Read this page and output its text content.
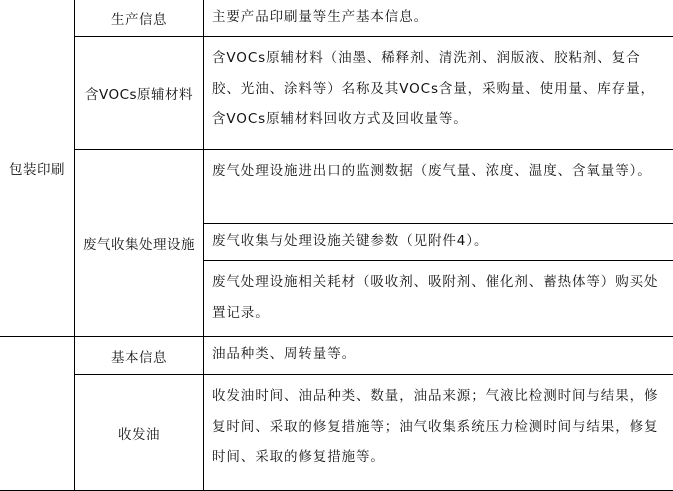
包装印刷
生产信息
含VOCs原辅材料
废气收集处理设施
基本信息
收发油
主要产品印刷量等生产基本信息。
含VOCs原辅材料（油墨、稀释剂、清洗剂、润版液、胶粘剂、复合胶、光油、涂料等）名称及其VOCs含量，采购量、使用量、库存量，含VOCs原辅材料回收方式及回收量等。
废气处理设施进出口的监测数据（废气量、浓度、温度、含氧量等）。
废气收集与处理设施关键参数（见附件4）。
废气处理设施相关耗材（吸收剂、吸附剂、催化剂、蓄热体等）购买处置记录。
油品种类、周转量等。
收发油时间、油品种类、数量，油品来源；气液比检测时间与结果，修复时间、采取的修复措施等；油气收集系统压力检测时间与结果，修复时间、采取的修复措施等。
